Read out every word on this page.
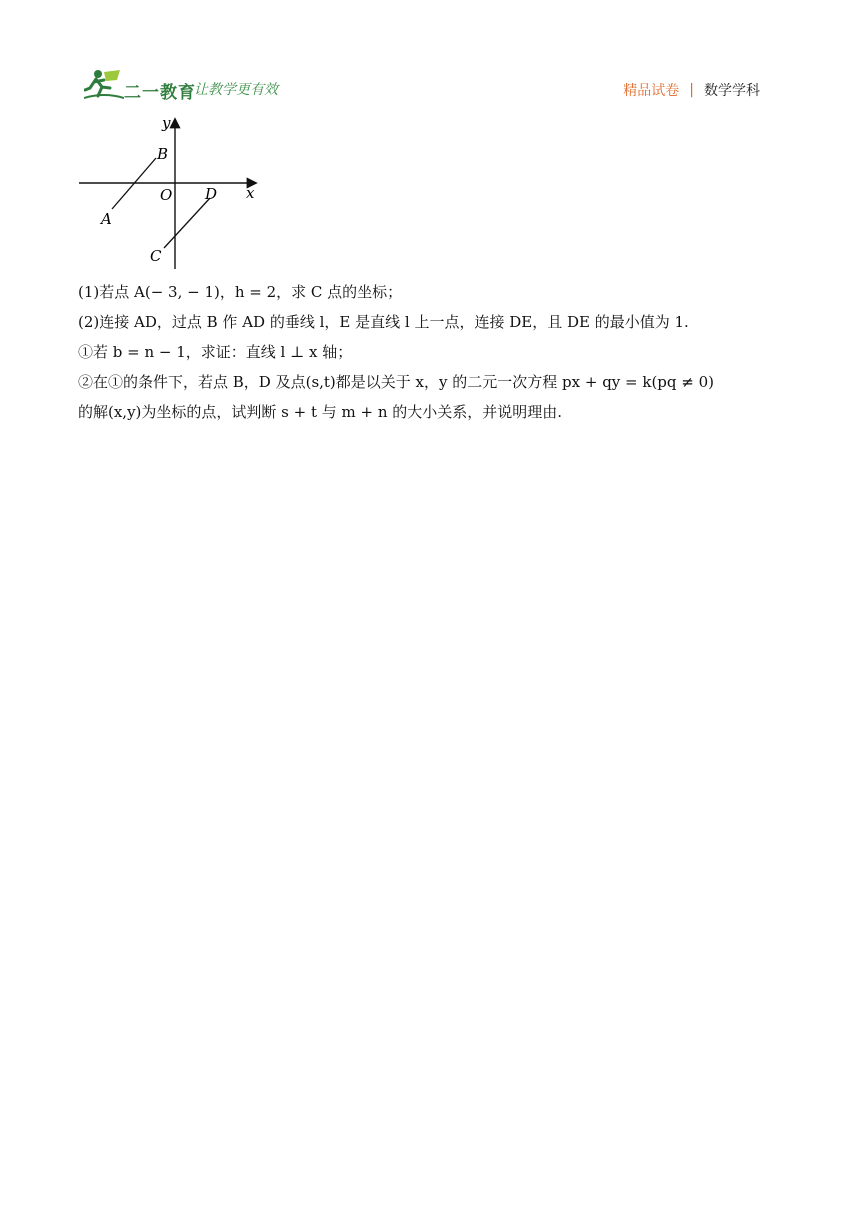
二一教育
让教学更有效	精品试卷 | 数学学科
y
x
O
A
B
C
D

(1)若点 A(− 3, − 1)，h = 2，求 C 点的坐标；

(2)连接 AD，过点 B 作 AD 的垂线 l，E 是直线 l 上一点，连接 DE，且 DE 的最小值为 1.

①若 b = n − 1，求证：直线 l ⊥ x 轴；

②在①的条件下，若点 B，D 及点(s,t)都是以关于 x，y 的二元一次方程 px + qy = k(pq ≠ 0)

的解(x,y)为坐标的点，试判断 s + t 与 m + n 的大小关系，并说明理由.
